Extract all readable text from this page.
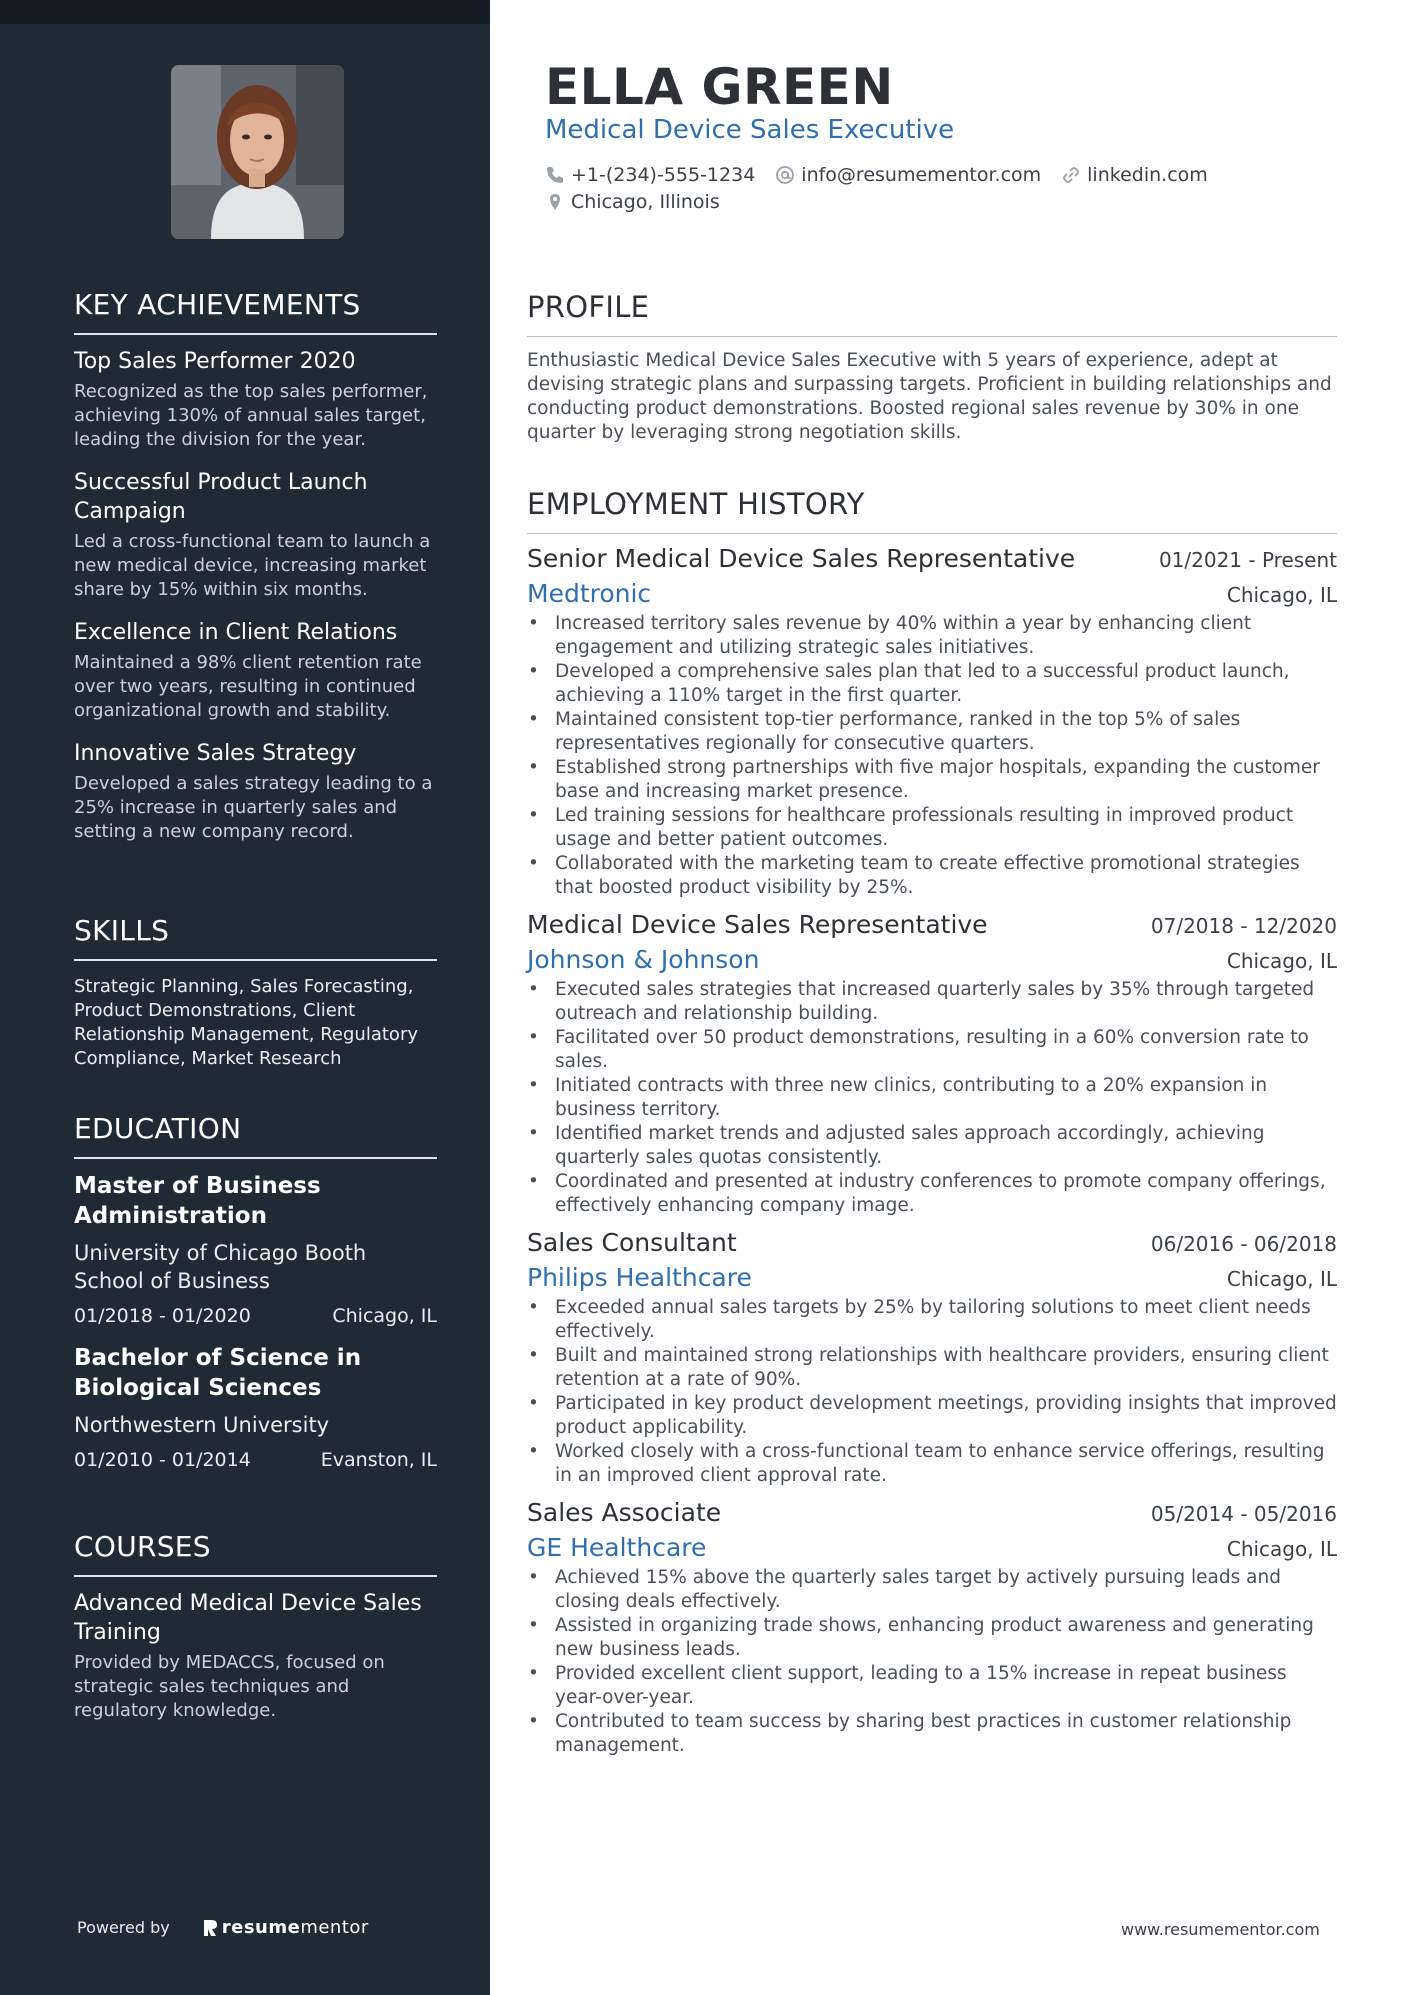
KEY ACHIEVEMENTS
Top Sales Performer 2020
Recognized as the top sales performer, achieving 130% of annual sales target, leading the division for the year.
Successful Product Launch Campaign
Led a cross-functional team to launch a new medical device, increasing market share by 15% within six months.
Excellence in Client Relations
Maintained a 98% client retention rate over two years, resulting in continued organizational growth and stability.
Innovative Sales Strategy
Developed a sales strategy leading to a 25% increase in quarterly sales and setting a new company record.
SKILLS
Strategic Planning, Sales Forecasting, Product Demonstrations, Client Relationship Management, Regulatory Compliance, Market Research
EDUCATION
Master of Business Administration
University of Chicago Booth School of Business
01/2018 - 01/2020	Chicago, IL
Bachelor of Science in Biological Sciences
Northwestern University
01/2010 - 01/2014	Evanston, IL
COURSES
Advanced Medical Device Sales Training
Provided by MEDACCS, focused on strategic sales techniques and regulatory knowledge.
Powered by	resume mentor
ELLA GREEN
Medical Device Sales Executive
+1-(234)-555-1234 info@resumementor.com linkedin.com
Chicago, Illinois
PROFILE

Enthusiastic Medical Device Sales Executive with 5 years of experience, adept at devising strategic plans and surpassing targets. Proficient in building relationships and conducting product demonstrations. Boosted regional sales revenue by 30% in one quarter by leveraging strong negotiation skills.

EMPLOYMENT HISTORY
Senior Medical Device Sales Representative	01/2021 - Present
Medtronic	Chicago, IL
• Increased territory sales revenue by 40% within a year by enhancing client engagement and utilizing strategic sales initiatives.
• Developed a comprehensive sales plan that led to a successful product launch, achieving a 110% target in the first quarter.
• Maintained consistent top-tier performance, ranked in the top 5% of sales representatives regionally for consecutive quarters.
• Established strong partnerships with five major hospitals, expanding the customer base and increasing market presence.
• Led training sessions for healthcare professionals resulting in improved product usage and better patient outcomes.
• Collaborated with the marketing team to create effective promotional strategies that boosted product visibility by 25%.
Medical Device Sales Representative	07/2018 - 12/2020
Johnson & Johnson	Chicago, IL
• Executed sales strategies that increased quarterly sales by 35% through targeted outreach and relationship building.
• Facilitated over 50 product demonstrations, resulting in a 60% conversion rate to sales.
• Initiated contracts with three new clinics, contributing to a 20% expansion in business territory.
• Identified market trends and adjusted sales approach accordingly, achieving quarterly sales quotas consistently.
• Coordinated and presented at industry conferences to promote company offerings, effectively enhancing company image.
Sales Consultant	06/2016 - 06/2018
Philips Healthcare	Chicago, IL
• Exceeded annual sales targets by 25% by tailoring solutions to meet client needs effectively.
• Built and maintained strong relationships with healthcare providers, ensuring client retention at a rate of 90%.
• Participated in key product development meetings, providing insights that improved product applicability.
• Worked closely with a cross-functional team to enhance service offerings, resulting in an improved client approval rate.
Sales Associate	05/2014 - 05/2016
GE Healthcare	Chicago, IL
• Achieved 15% above the quarterly sales target by actively pursuing leads and closing deals effectively.
• Assisted in organizing trade shows, enhancing product awareness and generating new business leads.
• Provided excellent client support, leading to a 15% increase in repeat business year-over-year.
• Contributed to team success by sharing best practices in customer relationship management.
www.resumementor.com
